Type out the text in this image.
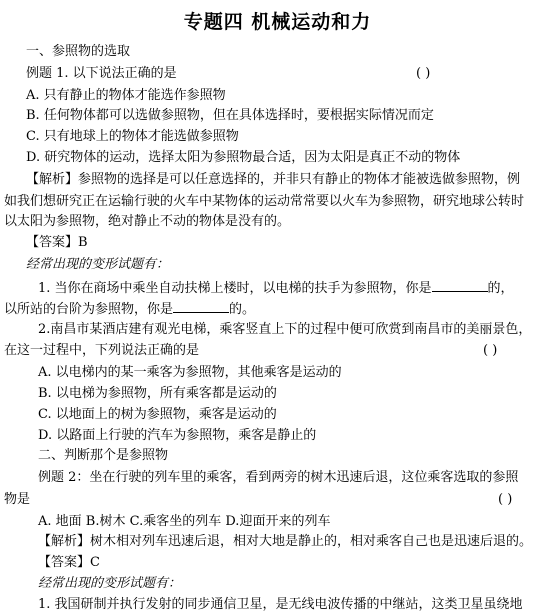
专题四 机械运动和力
一、参照物的选取
例题 1. 以下说法正确的是	( )
A. 只有静止的物体才能选作参照物
B. 任何物体都可以选做参照物，但在具体选择时，要根据实际情况而定
C. 只有地球上的物体才能选做参照物
D. 研究物体的运动，选择太阳为参照物最合适，因为太阳是真正不动的物体
【解析】参照物的选择是可以任意选择的，并非只有静止的物体才能被选做参照物，例
如我们想研究正在运输行驶的火车中某物体的运动常常要以火车为参照物，研究地球公转时
以太阳为参照物，绝对静止不动的物体是没有的。
【答案】B
经常出现的变形试题有：
1. 当你在商场中乘坐自动扶梯上楼时，以电梯的扶手为参照物，你是	的，
以所站的台阶为参照物，你是	的。
2.南昌市某酒店建有观光电梯，乘客竖直上下的过程中便可欣赏到南昌市的美丽景色，
在这一过程中，下列说法正确的是	( )
A. 以电梯内的某一乘客为参照物，其他乘客是运动的
B. 以电梯为参照物，所有乘客都是运动的
C. 以地面上的树为参照物，乘客是运动的
D. 以路面上行驶的汽车为参照物，乘客是静止的
二、判断那个是参照物
例题 2：坐在行驶的列车里的乘客，看到两旁的树木迅速后退，这位乘客选取的参照
物是	( )
A. 地面 B.树木 C.乘客坐的列车 D.迎面开来的列车
【解析】树木相对列车迅速后退，相对大地是静止的，相对乘客自己也是迅速后退的。
【答案】C
经常出现的变形试题有：
1. 我国研制并执行发射的同步通信卫星，是无线电波传播的中继站，这类卫星虽绕地
